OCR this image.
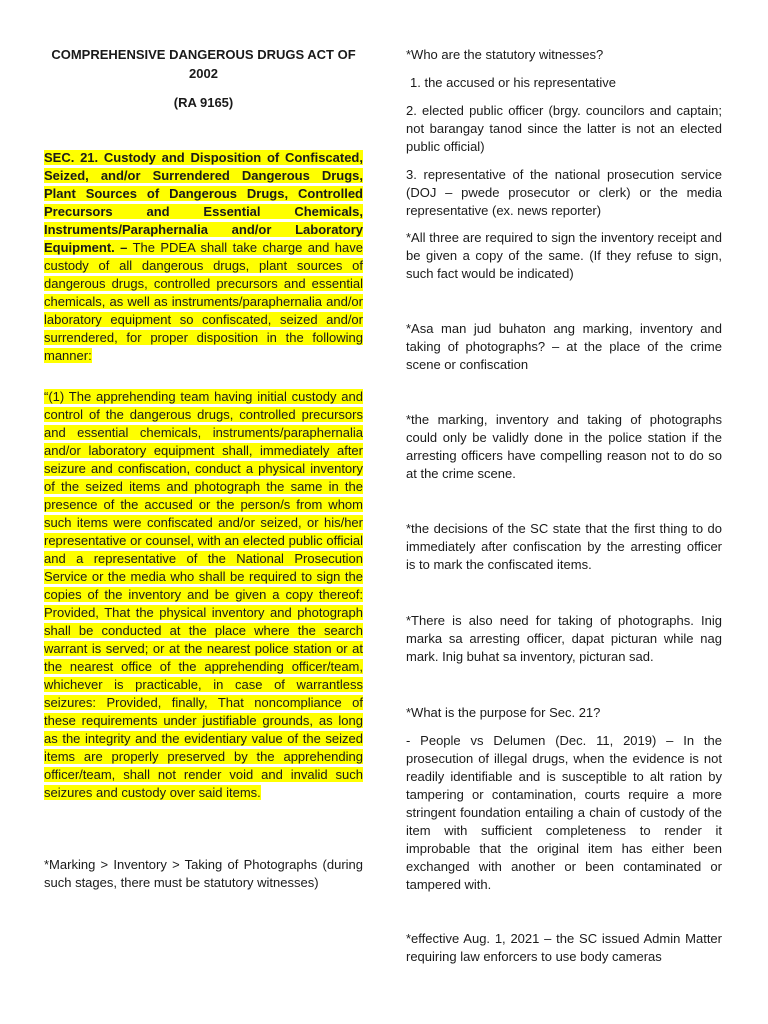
COMPREHENSIVE DANGEROUS DRUGS ACT OF 2002
(RA 9165)
SEC. 21. Custody and Disposition of Confiscated, Seized, and/or Surrendered Dangerous Drugs, Plant Sources of Dangerous Drugs, Controlled Precursors and Essential Chemicals, Instruments/Paraphernalia and/or Laboratory Equipment. – The PDEA shall take charge and have custody of all dangerous drugs, plant sources of dangerous drugs, controlled precursors and essential chemicals, as well as instruments/paraphernalia and/or laboratory equipment so confiscated, seized and/or surrendered, for proper disposition in the following manner:
“(1) The apprehending team having initial custody and control of the dangerous drugs, controlled precursors and essential chemicals, instruments/paraphernalia and/or laboratory equipment shall, immediately after seizure and confiscation, conduct a physical inventory of the seized items and photograph the same in the presence of the accused or the person/s from whom such items were confiscated and/or seized, or his/her representative or counsel, with an elected public official and a representative of the National Prosecution Service or the media who shall be required to sign the copies of the inventory and be given a copy thereof: Provided, That the physical inventory and photograph shall be conducted at the place where the search warrant is served; or at the nearest police station or at the nearest office of the apprehending officer/team, whichever is practicable, in case of warrantless seizures: Provided, finally, That noncompliance of these requirements under justifiable grounds, as long as the integrity and the evidentiary value of the seized items are properly preserved by the apprehending officer/team, shall not render void and invalid such seizures and custody over said items.
*Marking > Inventory > Taking of Photographs (during such stages, there must be statutory witnesses)
*Who are the statutory witnesses?
1. the accused or his representative
2. elected public officer (brgy. councilors and captain; not barangay tanod since the latter is not an elected public official)
3. representative of the national prosecution service (DOJ – pwede prosecutor or clerk) or the media representative (ex. news reporter)
*All three are required to sign the inventory receipt and be given a copy of the same. (If they refuse to sign, such fact would be indicated)
*Asa man jud buhaton ang marking, inventory and taking of photographs? – at the place of the crime scene or confiscation
*the marking, inventory and taking of photographs could only be validly done in the police station if the arresting officers have compelling reason not to do so at the crime scene.
*the decisions of the SC state that the first thing to do immediately after confiscation by the arresting officer is to mark the confiscated items.
*There is also need for taking of photographs. Inig marka sa arresting officer, dapat picturan while nag mark. Inig buhat sa inventory, picturan sad.
*What is the purpose for Sec. 21?
- People vs Delumen (Dec. 11, 2019) – In the prosecution of illegal drugs, when the evidence is not readily identifiable and is susceptible to alt ration by tampering or contamination, courts require a more stringent foundation entailing a chain of custody of the item with sufficient completeness to render it improbable that the original item has either been exchanged with another or been contaminated or tampered with.
*effective Aug. 1, 2021 – the SC issued Admin Matter requiring law enforcers to use body cameras
